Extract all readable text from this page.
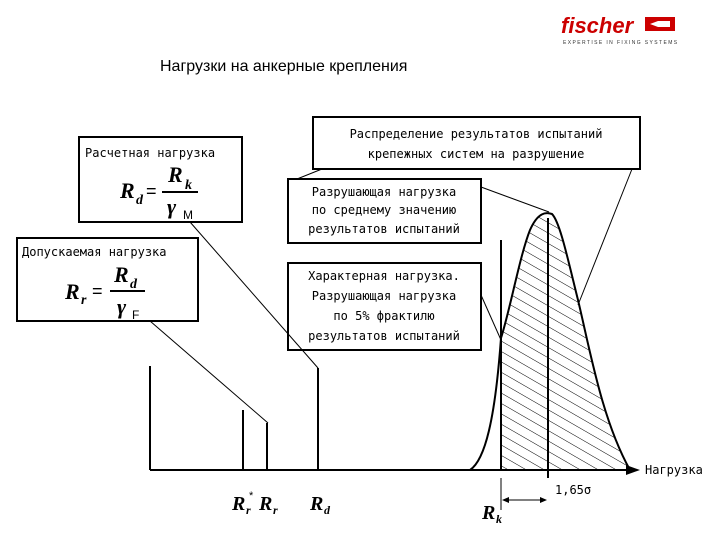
fischer
EXPERTISE IN FIXING SYSTEMS
Нагрузки на анкерные крепления
Расчетная нагрузка
R d =
R k
γ M
Допускаемая нагрузка
R r =
R d
γ F
Распределение результатов испытаний
крепежных систем на разрушение
Разрушающая нагрузка
по среднему значению
результатов испытаний
Характерная нагрузка.
Разрушающая нагрузка
по 5% фрактилю
результатов испытаний
Нагрузка
1,65σ
R r
* R r R d	R k
